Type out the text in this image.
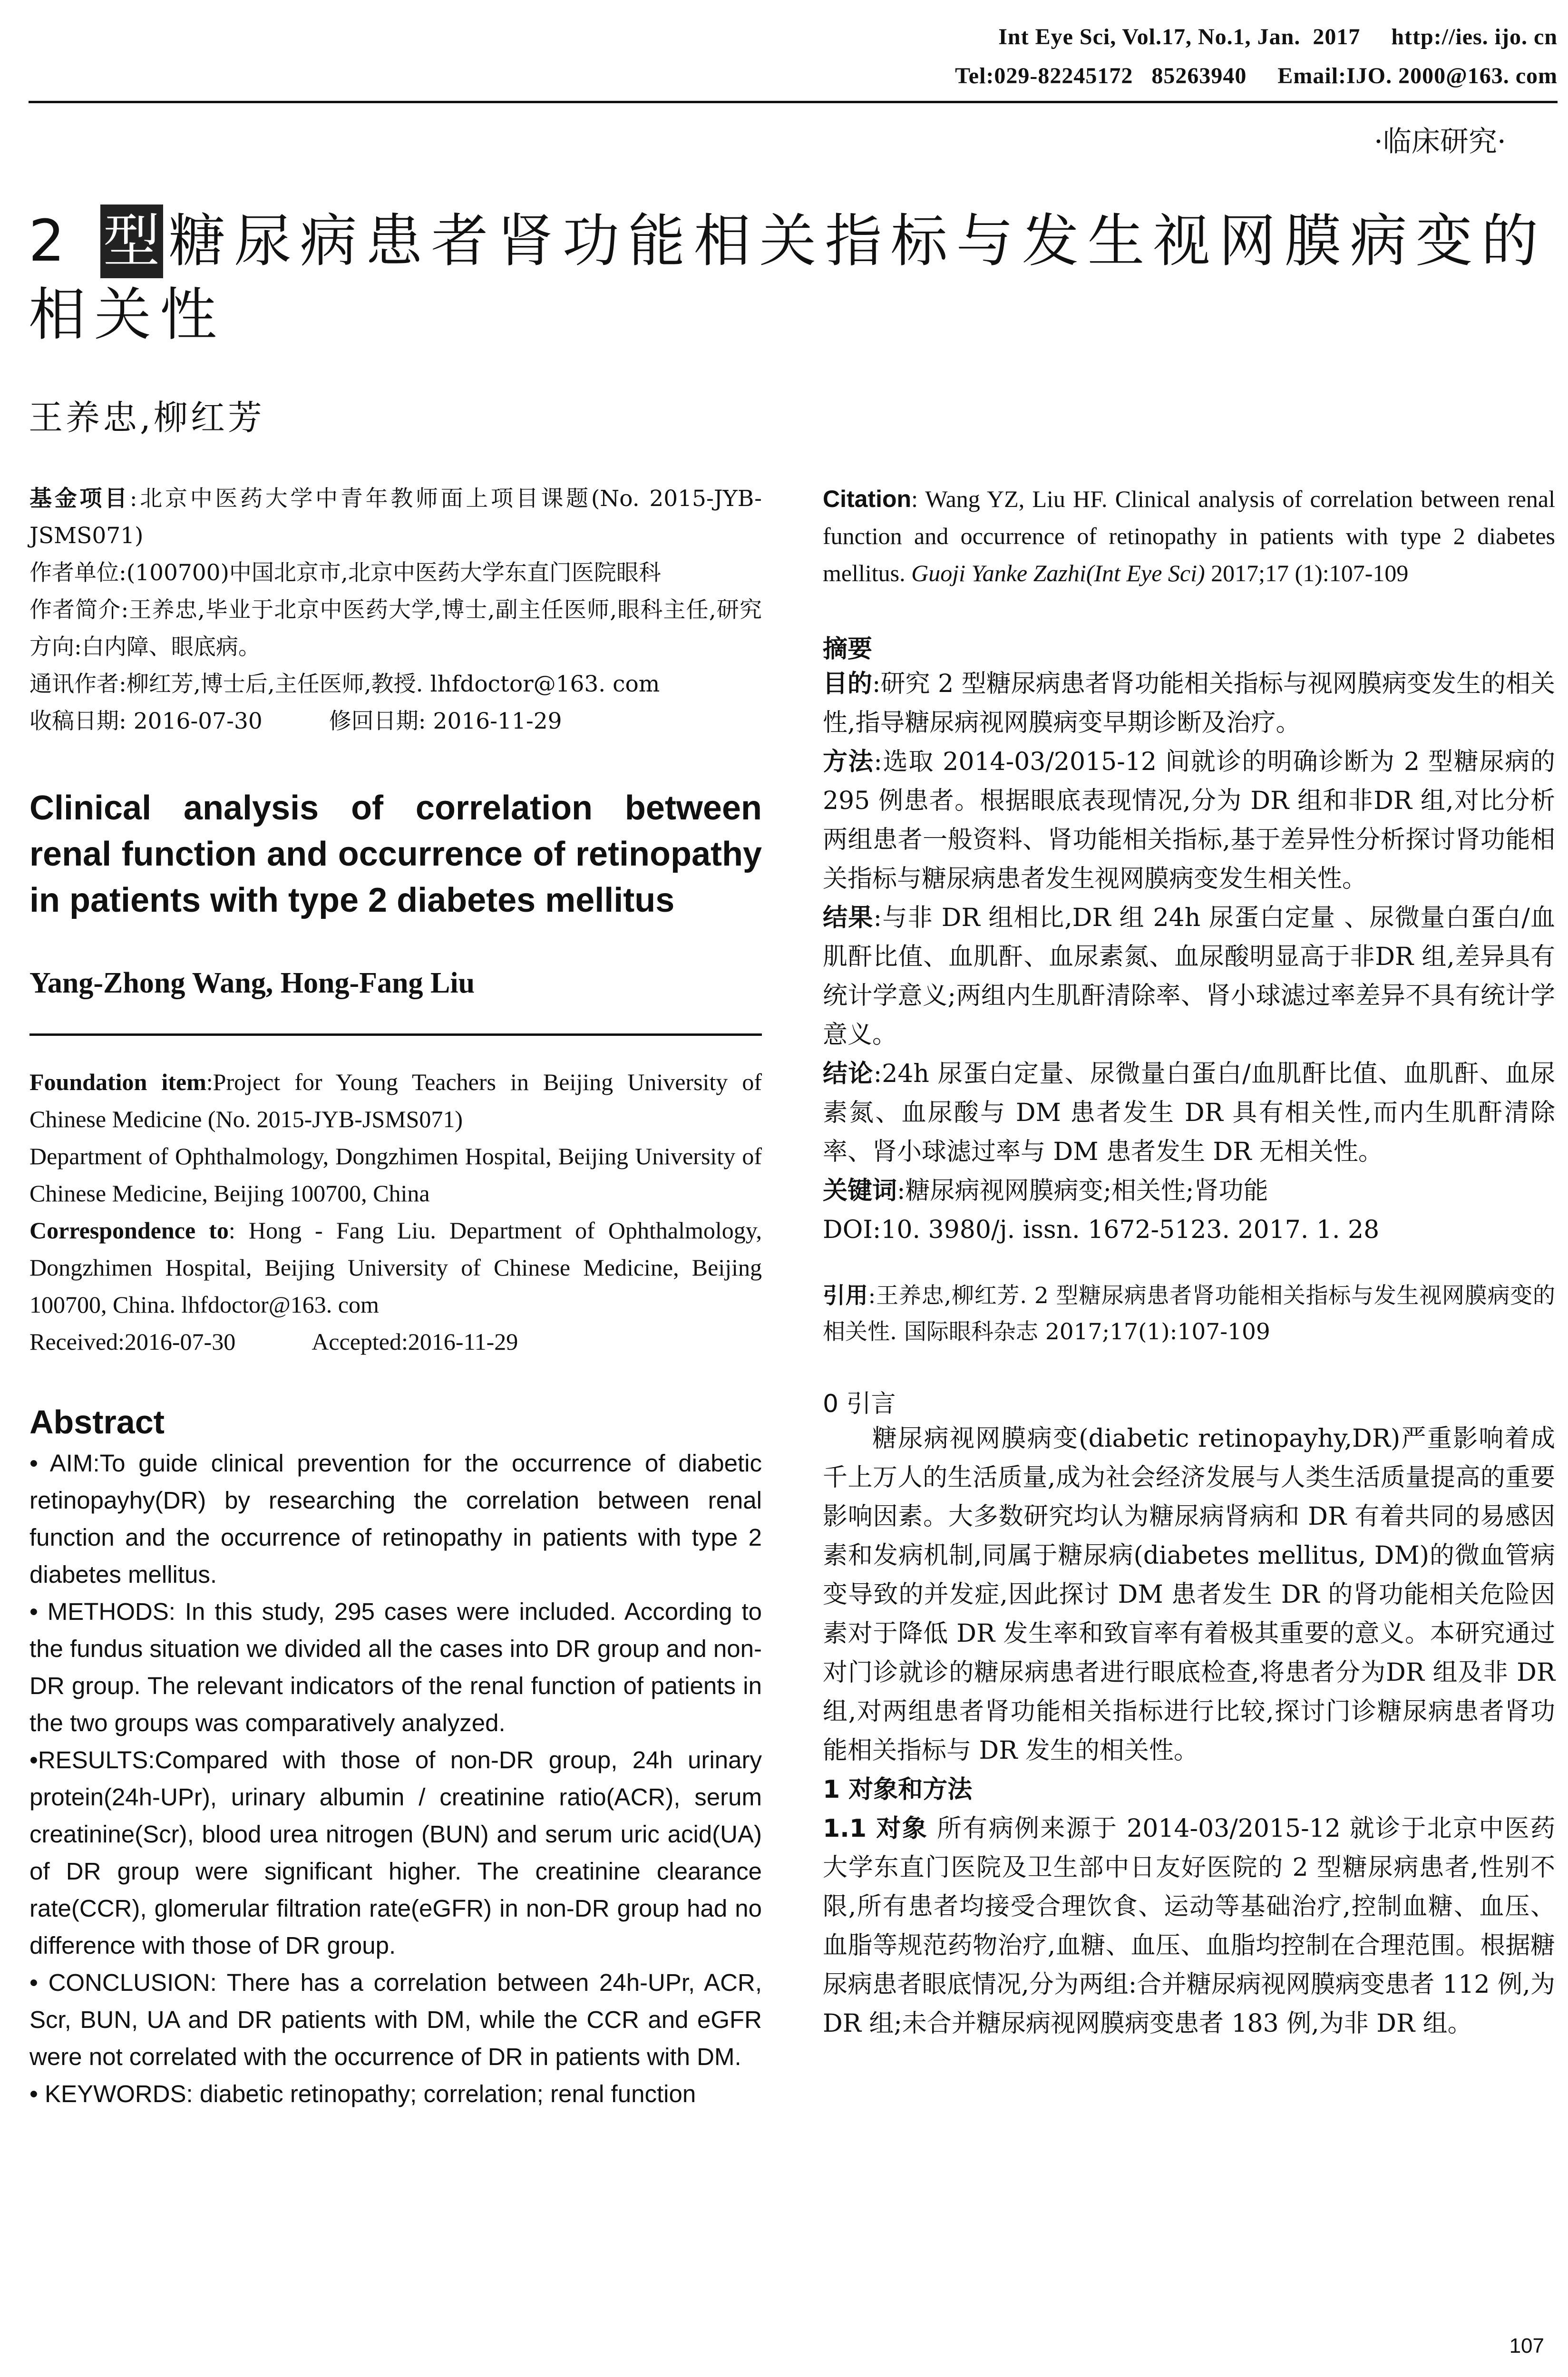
Int Eye Sci, Vol.17, No.1, Jan.  2017     http://ies. ijo. cn
Tel:029-82245172   85263940     Email:IJO. 2000@163. com
·临床研究·
2 型 糖尿病患者肾功能相关指标与发生视网膜病变的相关性
王养忠,柳红芳

基金项目:北京中医药大学中青年教师面上项目课题(No. 2015-JYB-JSMS071)

作者单位:(100700)中国北京市,北京中医药大学东直门医院眼科

作者简介:王养忠,毕业于北京中医药大学,博士,副主任医师,眼科主任,研究方向:白内障、眼底病。

通讯作者:柳红芳,博士后,主任医师,教授. lhfdoctor@163. com

收稿日期: 2016-07-30	修回日期: 2016-11-29

Clinical analysis of correlation between renal function and occurrence of retinopathy in patients with type 2 diabetes mellitus
Yang-Zhong Wang, Hong-Fang Liu

Foundation item:Project for Young Teachers in Beijing University of Chinese Medicine (No. 2015-JYB-JSMS071)

Department of Ophthalmology, Dongzhimen Hospital, Beijing University of Chinese Medicine, Beijing 100700, China

Correspondence to: Hong - Fang Liu. Department of Ophthalmology, Dongzhimen Hospital, Beijing University of Chinese Medicine, Beijing 100700, China. lhfdoctor@163. com

Received:2016-07-30	Accepted:2016-11-29

Abstract

• AIM:To guide clinical prevention for the occurrence of diabetic retinopayhy(DR) by researching the correlation between renal function and the occurrence of retinopathy in patients with type 2 diabetes mellitus.

• METHODS: In this study, 295 cases were included. According to the fundus situation we divided all the cases into DR group and non-DR group. The relevant indicators of the renal function of patients in the two groups was comparatively analyzed.

•RESULTS:Compared with those of non-DR group, 24h urinary protein(24h-UPr), urinary albumin / creatinine ratio(ACR), serum creatinine(Scr), blood urea nitrogen (BUN) and serum uric acid(UA) of DR group were significant higher. The creatinine clearance rate(CCR), glomerular filtration rate(eGFR) in non-DR group had no difference with those of DR group.

• CONCLUSION: There has a correlation between 24h-UPr, ACR, Scr, BUN, UA and DR patients with DM, while the CCR and eGFR were not correlated with the occurrence of DR in patients with DM.

• KEYWORDS: diabetic retinopathy; correlation; renal function

Citation: Wang YZ, Liu HF. Clinical analysis of correlation between renal function and occurrence of retinopathy in patients with type 2 diabetes mellitus. Guoji Yanke Zazhi(Int Eye Sci) 2017;17 (1):107-109

摘要

目的:研究 2 型糖尿病患者肾功能相关指标与视网膜病变发生的相关性,指导糖尿病视网膜病变早期诊断及治疗。

方法:选取 2014-03/2015-12 间就诊的明确诊断为 2 型糖尿病的 295 例患者。根据眼底表现情况,分为 DR 组和非DR 组,对比分析两组患者一般资料、肾功能相关指标,基于差异性分析探讨肾功能相关指标与糖尿病患者发生视网膜病变发生相关性。

结果:与非 DR 组相比,DR 组 24h 尿蛋白定量 、尿微量白蛋白/血肌酐比值、血肌酐、血尿素氮、血尿酸明显高于非DR 组,差异具有统计学意义;两组内生肌酐清除率、肾小球滤过率差异不具有统计学意义。

结论:24h 尿蛋白定量、尿微量白蛋白/血肌酐比值、血肌酐、血尿素氮、血尿酸与 DM 患者发生 DR 具有相关性,而内生肌酐清除率、肾小球滤过率与 DM 患者发生 DR 无相关性。

关键词:糖尿病视网膜病变;相关性;肾功能

DOI:10. 3980/j. issn. 1672-5123. 2017. 1. 28

引用:王养忠,柳红芳. 2 型糖尿病患者肾功能相关指标与发生视网膜病变的相关性. 国际眼科杂志 2017;17(1):107-109

0 引言

糖尿病视网膜病变(diabetic retinopayhy,DR)严重影响着成千上万人的生活质量,成为社会经济发展与人类生活质量提高的重要影响因素。大多数研究均认为糖尿病肾病和 DR 有着共同的易感因素和发病机制,同属于糖尿病(diabetes mellitus, DM)的微血管病变导致的并发症,因此探讨 DM 患者发生 DR 的肾功能相关危险因素对于降低 DR 发生率和致盲率有着极其重要的意义。本研究通过对门诊就诊的糖尿病患者进行眼底检查,将患者分为DR 组及非 DR 组,对两组患者肾功能相关指标进行比较,探讨门诊糖尿病患者肾功能相关指标与 DR 发生的相关性。

1 对象和方法

1.1 对象 所有病例来源于 2014-03/2015-12 就诊于北京中医药大学东直门医院及卫生部中日友好医院的 2 型糖尿病患者,性别不限,所有患者均接受合理饮食、运动等基础治疗,控制血糖、血压、血脂等规范药物治疗,血糖、血压、血脂均控制在合理范围。根据糖尿病患者眼底情况,分为两组:合并糖尿病视网膜病变患者 112 例,为 DR 组;未合并糖尿病视网膜病变患者 183 例,为非 DR 组。

107
